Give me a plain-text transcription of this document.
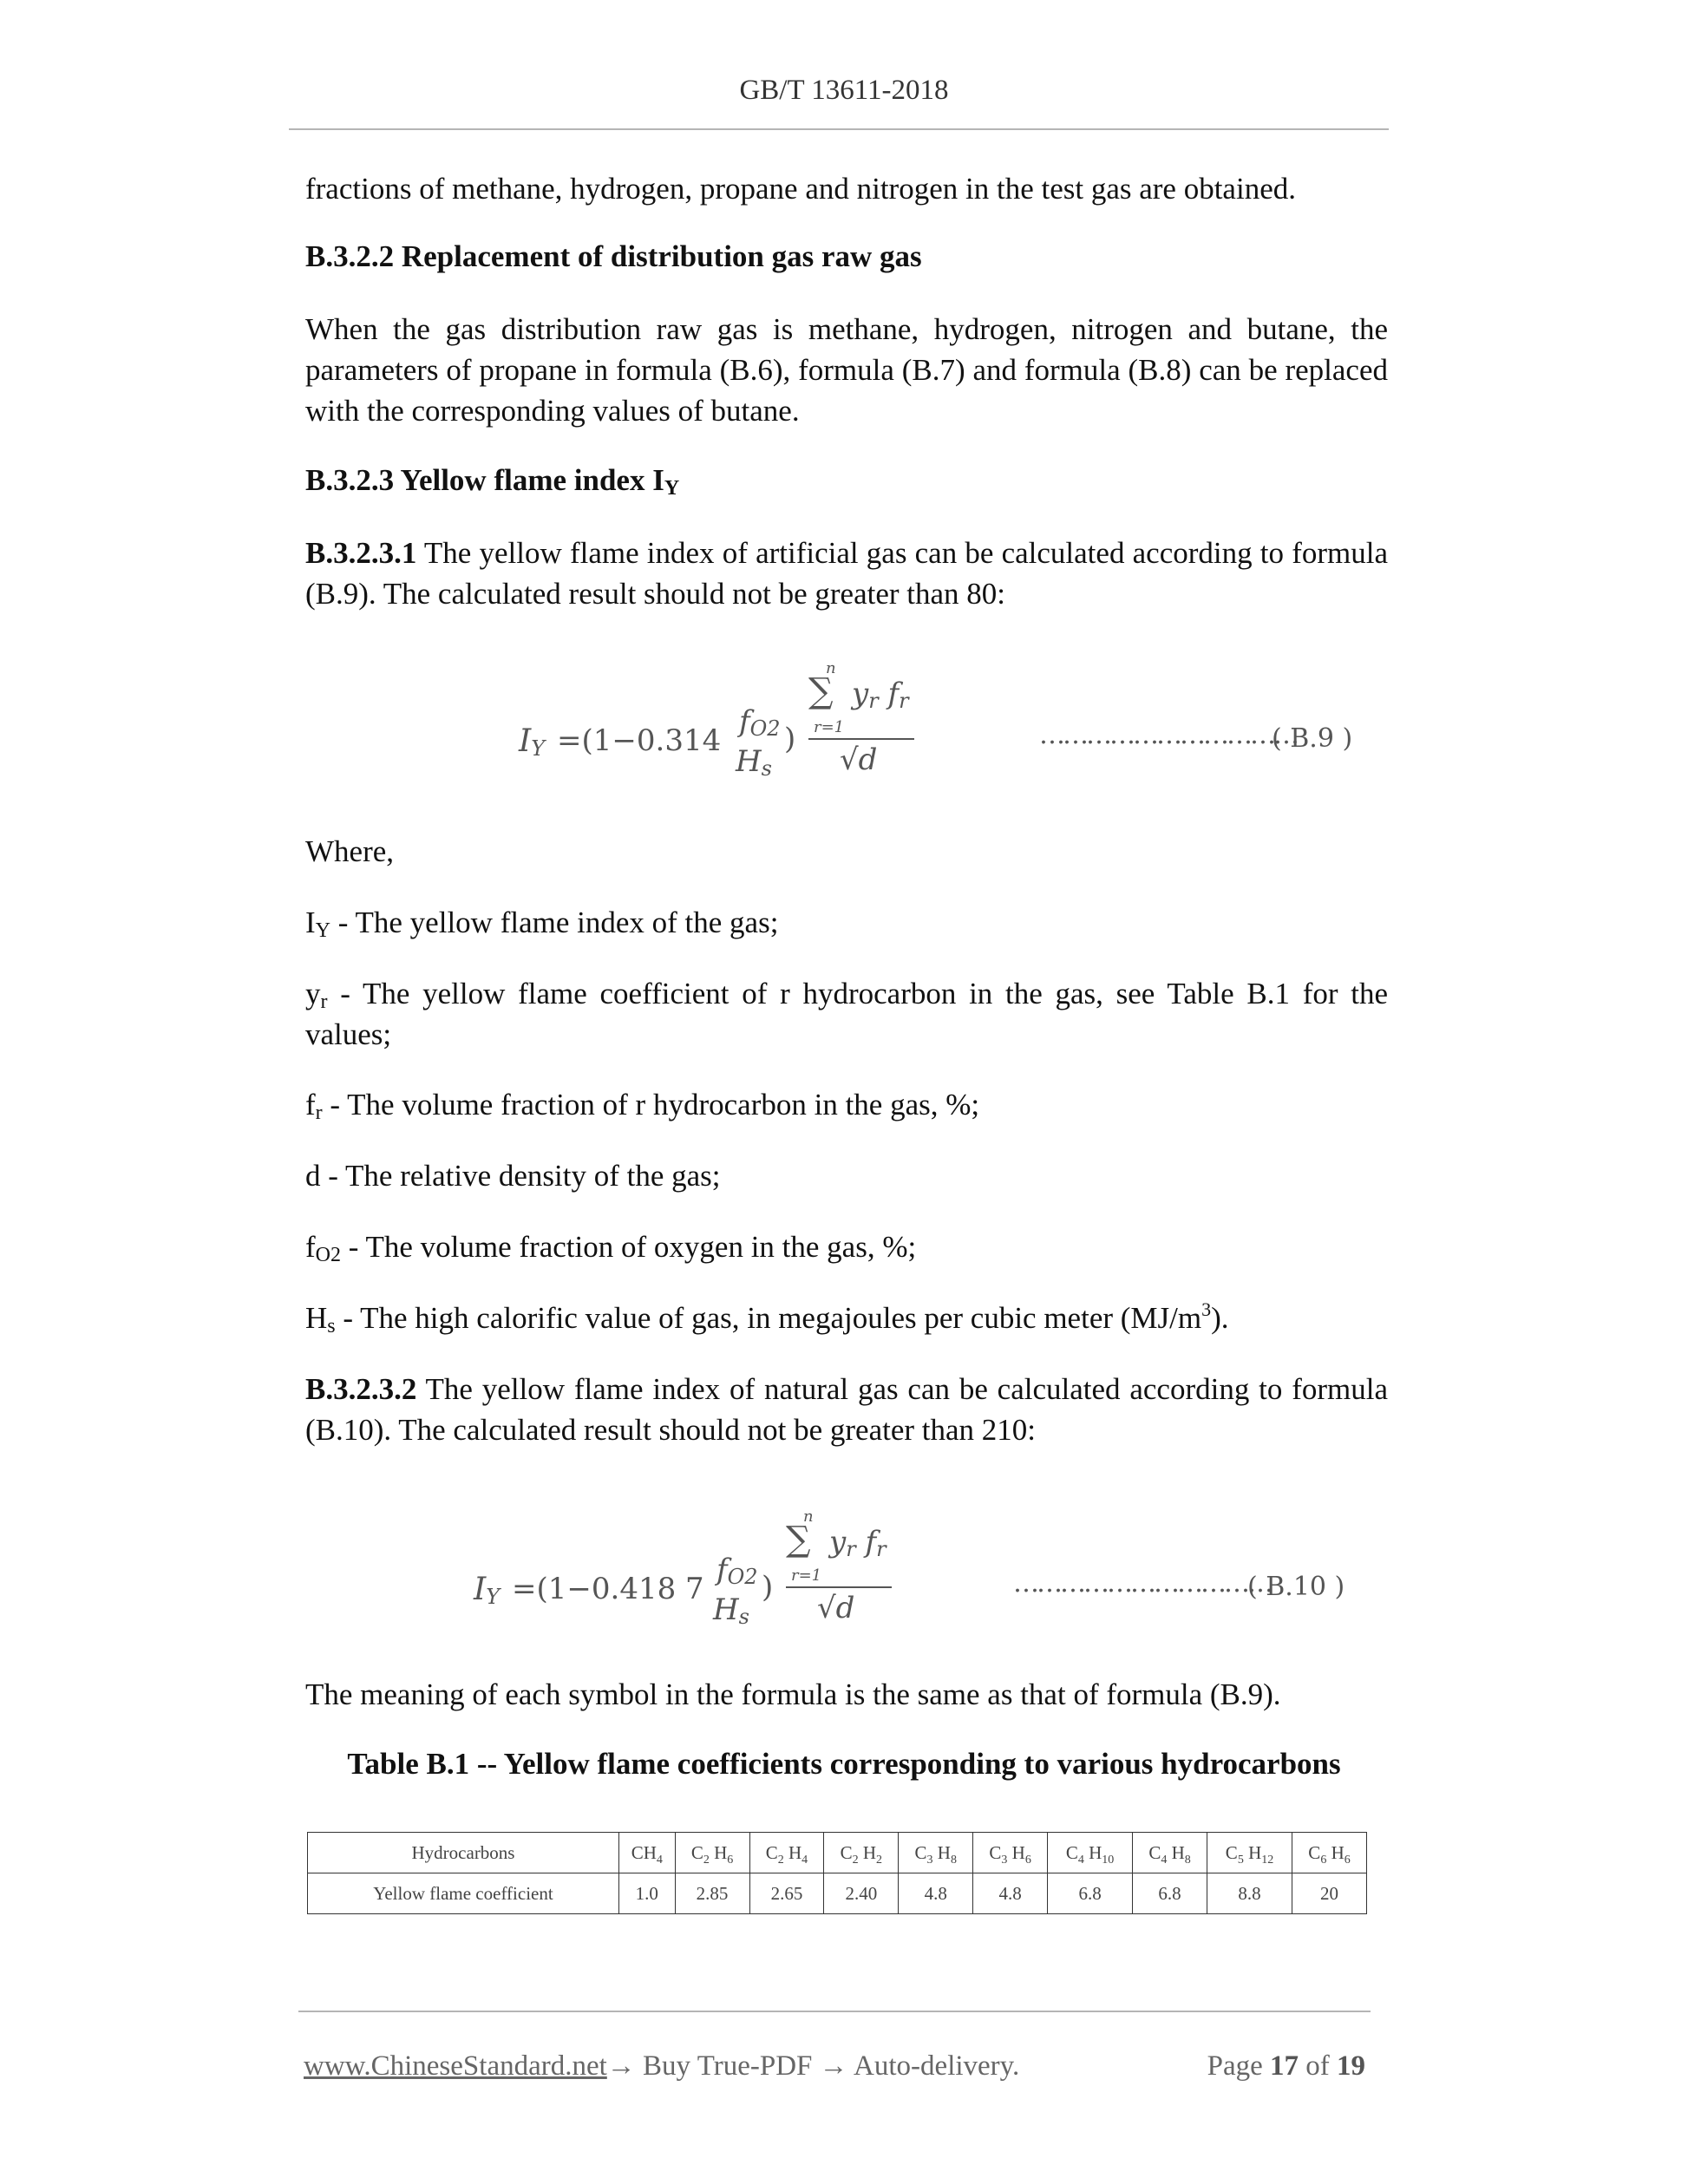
GB/T 13611-2018
fractions of methane, hydrogen, propane and nitrogen in the test gas are obtained.
B.3.2.2 Replacement of distribution gas raw gas
When the gas distribution raw gas is methane, hydrogen, nitrogen and butane, the parameters of propane in formula (B.6), formula (B.7) and formula (B.8) can be replaced with the corresponding values of butane.
B.3.2.3 Yellow flame index $I_Y$
B.3.2.3.1 The yellow flame index of artificial gas can be calculated according to formula (B.9). The calculated result should not be greater than 80:
$I_Y =(1-0.314$
$f_{O2}$
$H_s$
)
n
∑ $y_r$ $f_r$
r=1
√d
……………………………
( B.9 )
Where,
$I_Y$ - The yellow flame index of the gas;
$y_r$ - The yellow flame coefficient of r hydrocarbon in the gas, see Table B.1 for the values;
$f_r$ - The volume fraction of r hydrocarbon in the gas, %;
d - The relative density of the gas;
$f_{O2}$ - The volume fraction of oxygen in the gas, %;
$H_s$ - The high calorific value of gas, in megajoules per cubic meter $(MJ/m^3)$.
B.3.2.3.2 The yellow flame index of natural gas can be calculated according to formula (B.10). The calculated result should not be greater than 210:
$I_Y =(1-0.418$ 7
$f_{O2}$
$H_s$
)
n
∑ $y_r$ $f_r$
r=1
√d
……………………………
( B.10 )
The meaning of each symbol in the formula is the same as that of formula (B.9).
Table B.1 -- Yellow flame coefficients corresponding to various hydrocarbons
Hydrocarbons	$CH_4$	$C_2$ $H_6$	$C_2$ $H_4$	$C_2$ $H_2$	$C_3$ $H_8$	$C_3$ $H_6$	$C_4$ $H_{10}$	$C_4$ $H_8$	$C_5$ $H_{12}$	$C_6$ $H_6$
Yellow flame coefficient	1.0	2.85	2.65	2.40	4.8	4.8	6.8	6.8	8.8	20
www.ChineseStandard.net→ Buy True-PDF → Auto-delivery.	Page 17 of 19
